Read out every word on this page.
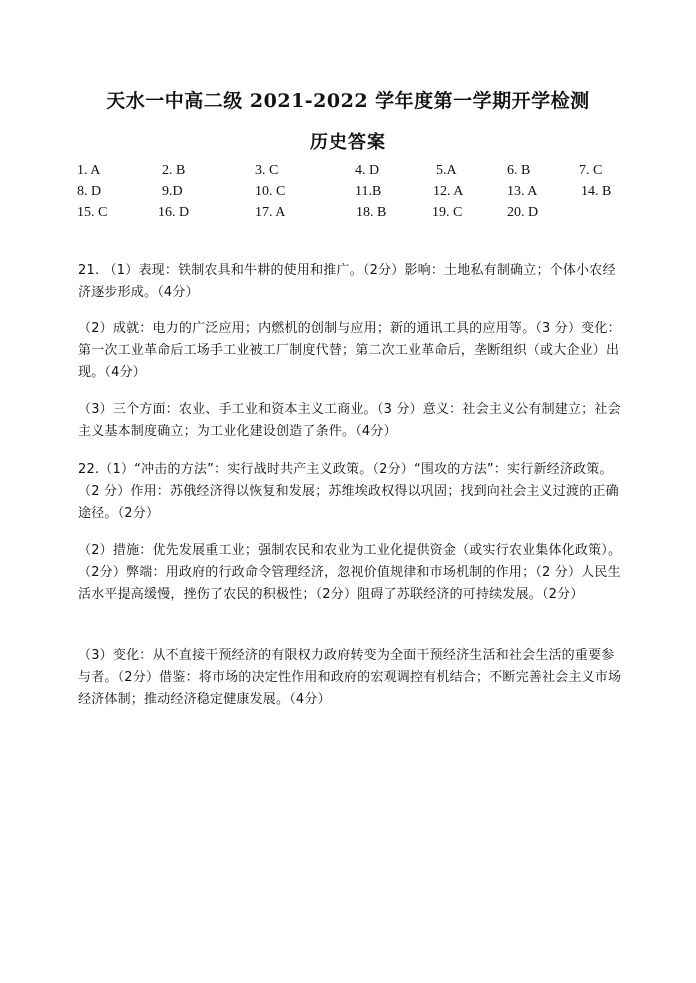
天水一中高二级 2021-2022 学年度第一学期开学检测
历史答案
1. A	2. B	3. C	4. D	5.A	6. B	7. C
8. D	9.D	10. C	11.B	12. A	13. A	14. B
15. C	16. D	17. A	18. B	19. C	20. D
21. （1）表现：铁制农具和牛耕的使用和推广。（2分）影响：土地私有制确立；个体小农经济逐步形成。（4分）
（2）成就：电力的广泛应用；内燃机的创制与应用；新的通讯工具的应用等。（3 分）变化：第一次工业革命后工场手工业被工厂制度代替；第二次工业革命后，垄断组织（或大企业）出现。（4分）
（3）三个方面：农业、手工业和资本主义工商业。（3 分）意义：社会主义公有制建立；社会主义基本制度确立；为工业化建设创造了条件。（4分）
22.（1）“冲击的方法”：实行战时共产主义政策。（2分）“围攻的方法”：实行新经济政策。（2 分）作用：苏俄经济得以恢复和发展；苏维埃政权得以巩固；找到向社会主义过渡的正确途径。（2分）
（2）措施：优先发展重工业；强制农民和农业为工业化提供资金（或实行农业集体化政策）。（2分）弊端：用政府的行政命令管理经济，忽视价值规律和市场机制的作用；（2 分）人民生活水平提高缓慢，挫伤了农民的积极性；（2分）阻碍了苏联经济的可持续发展。（2分）
（3）变化：从不直接干预经济的有限权力政府转变为全面干预经济生活和社会生活的重要参与者。（2分）借鉴：将市场的决定性作用和政府的宏观调控有机结合；不断完善社会主义市场经济体制；推动经济稳定健康发展。（4分）
